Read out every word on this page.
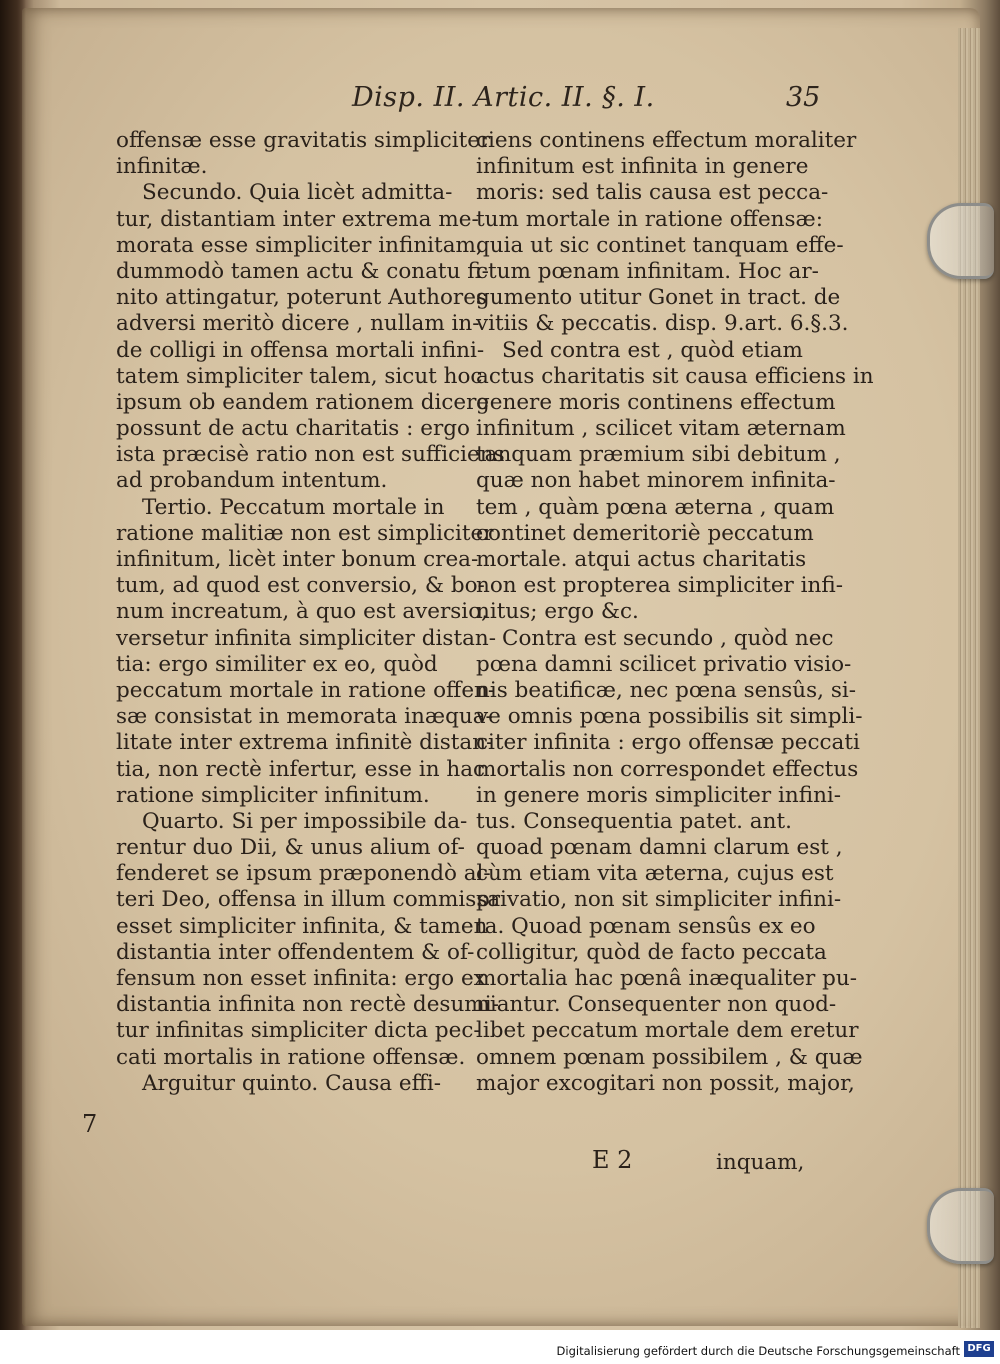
Disp. II. Artic. II. §. I.	35
offensæ esse gravitatis simpliciter
infinitæ.
Secundo. Quia licèt admitta-
tur, distantiam inter extrema me-
morata esse simpliciter infinitam,
dummodò tamen actu & conatu fi-
nito attingatur, poterunt Authores
adversi meritò dicere , nullam in-
de colligi in offensa mortali infini-
tatem simpliciter talem, sicut hoc
ipsum ob eandem rationem dicere
possunt de actu charitatis : ergo
ista præcisè ratio non est sufficiens
ad probandum intentum.
Tertio. Peccatum mortale in
ratione malitiæ non est simpliciter
infinitum, licèt inter bonum crea-
tum, ad quod est conversio, & bo-
num increatum, à quo est aversio,
versetur infinita simpliciter distan-
tia: ergo similiter ex eo, quòd
peccatum mortale in ratione offen-
sæ consistat in memorata inæqua-
litate inter extrema infinitè distan-
tia, non rectè infertur, esse in hac
ratione simpliciter infinitum.
Quarto. Si per impossibile da-
rentur duo Dii, & unus alium of-
fenderet se ipsum præponendò al-
teri Deo, offensa in illum commissa
esset simpliciter infinita, & tamen
distantia inter offendentem & of-
fensum non esset infinita: ergo ex
distantia infinita non rectè desumi-
tur infinitas simpliciter dicta pec-
cati mortalis in ratione offensæ.
Arguitur quinto. Causa effi-
ciens continens effectum moraliter
infinitum est infinita in genere
moris: sed talis causa est pecca-
tum mortale in ratione offensæ:
quia ut sic continet tanquam effe-
ctum pœnam infinitam. Hoc ar-
gumento utitur Gonet in tract. de
vitiis & peccatis. disp. 9.art. 6.§.3.
Sed contra est , quòd etiam
actus charitatis sit causa efficiens in
genere moris continens effectum
infinitum , scilicet vitam æternam
tanquam præmium sibi debitum ,
quæ non habet minorem infinita-
tem , quàm pœna æterna , quam
continet demeritoriè peccatum
mortale. atqui actus charitatis
non est propterea simpliciter infi-
nitus; ergo &c.
Contra est secundo , quòd nec
pœna damni scilicet privatio visio-
nis beatificæ, nec pœna sensûs, si-
ve omnis pœna possibilis sit simpli-
citer infinita : ergo offensæ peccati
mortalis non correspondet effectus
in genere moris simpliciter infini-
tus. Consequentia patet. ant.
quoad pœnam damni clarum est ,
cùm etiam vita æterna, cujus est
privatio, non sit simpliciter infini-
ta. Quoad pœnam sensûs ex eo
colligitur, quòd de facto peccata
mortalia hac pœnâ inæqualiter pu-
niantur. Consequenter non quod-
libet peccatum mortale dem eretur
omnem pœnam possibilem , & quæ
major excogitari non possit, major,
7
E 2	inquam,
Digitalisierung gefördert durch die Deutsche Forschungsgemeinschaft DFG
